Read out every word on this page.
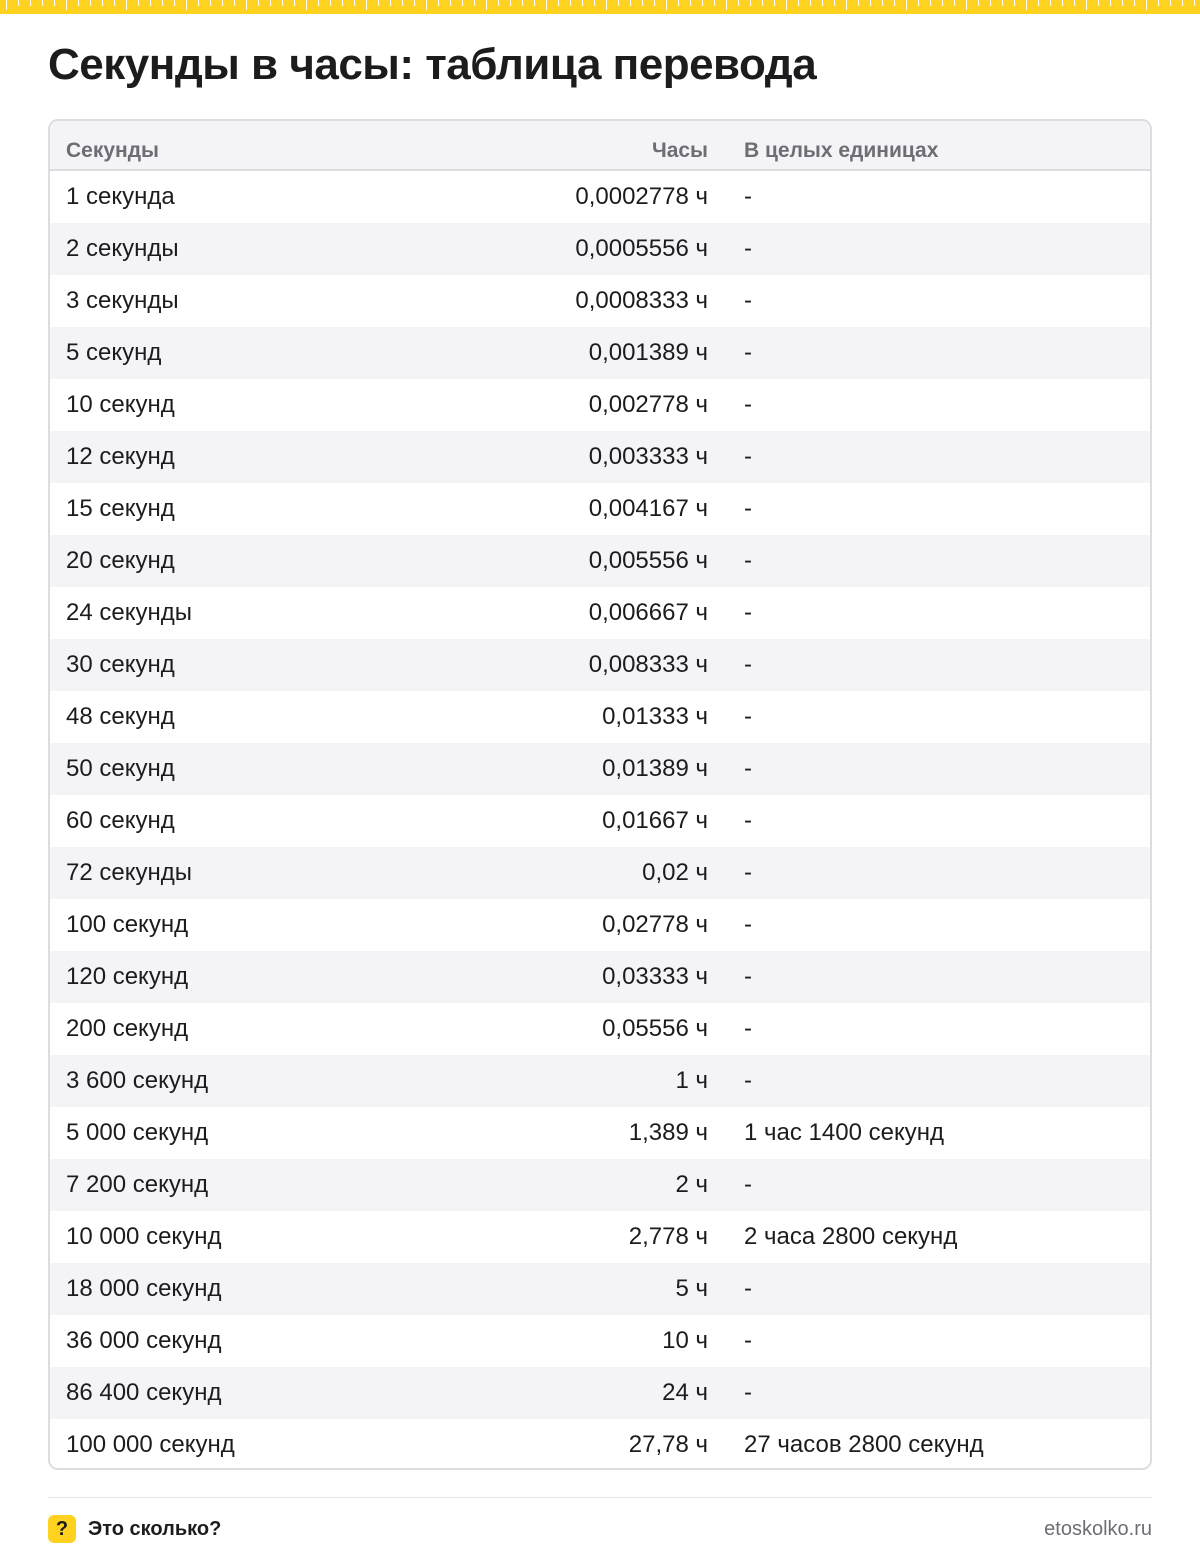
Секунды в часы: таблица перевода
Секунды	Часы	В целых единицах
1 секунда	0,0002778 ч	-
2 секунды	0,0005556 ч	-
3 секунды	0,0008333 ч	-
5 секунд	0,001389 ч	-
10 секунд	0,002778 ч	-
12 секунд	0,003333 ч	-
15 секунд	0,004167 ч	-
20 секунд	0,005556 ч	-
24 секунды	0,006667 ч	-
30 секунд	0,008333 ч	-
48 секунд	0,01333 ч	-
50 секунд	0,01389 ч	-
60 секунд	0,01667 ч	-
72 секунды	0,02 ч	-
100 секунд	0,02778 ч	-
120 секунд	0,03333 ч	-
200 секунд	0,05556 ч	-
3 600 секунд	1 ч	-
5 000 секунд	1,389 ч	1 час 1400 секунд
7 200 секунд	2 ч	-
10 000 секунд	2,778 ч	2 часа 2800 секунд
18 000 секунд	5 ч	-
36 000 секунд	10 ч	-
86 400 секунд	24 ч	-
100 000 секунд	27,78 ч	27 часов 2800 секунд
? Это сколько?	etoskolko.ru
